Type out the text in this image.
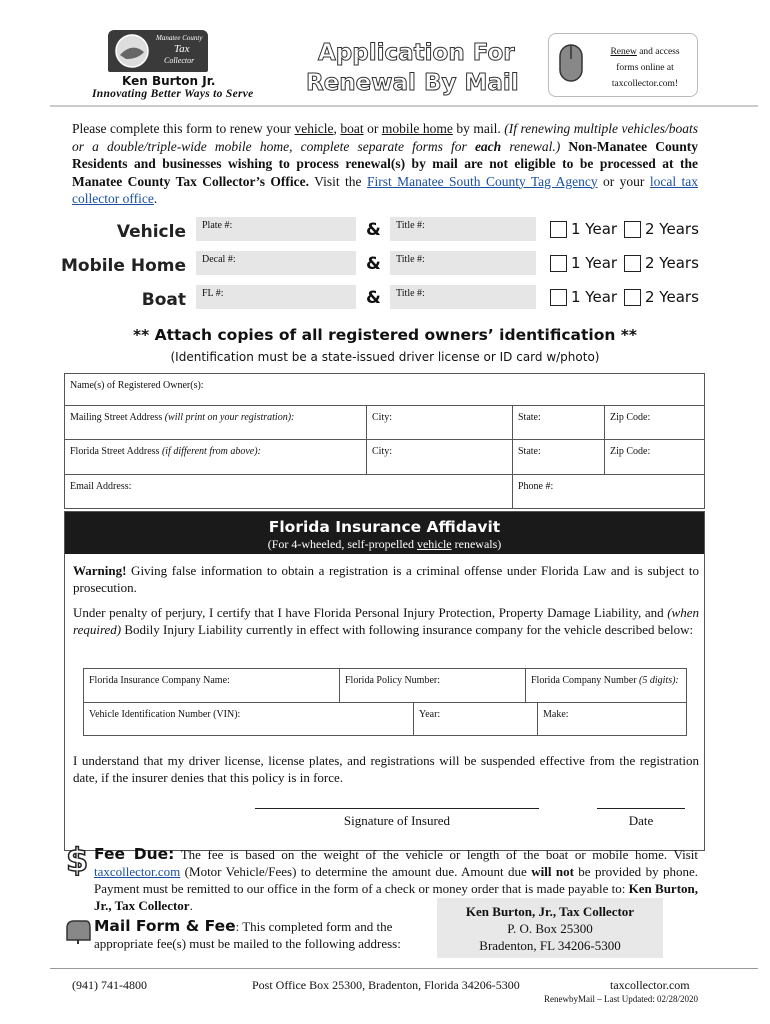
Manatee County
Tax
Collector
Ken Burton Jr.
Innovating Better Ways to Serve
Application For
Renewal By Mail
Renew and access
forms online at
taxcollector.com!

Please complete this form to renew your vehicle, boat or mobile home by mail. (If renewing multiple vehicles/boats or a double/triple-wide mobile home, complete separate forms for each renewal.) Non-Manatee County Residents and businesses wishing to process renewal(s) by mail are not eligible to be processed at the Manatee County Tax Collector’s Office. Visit the First Manatee South County Tag Agency or your local tax collector office.

Vehicle	Plate #:	&	Title #:	1 Year	2 Years
Mobile Home	Decal #:	&	Title #:	1 Year	2 Years
Boat	FL #:	&	Title #:	1 Year	2 Years
** Attach copies of all registered owners’ identification **
(Identification must be a state-issued driver license or ID card w/photo)
Name(s) of Registered Owner(s):
Mailing Street Address (will print on your registration):	City:	State:	Zip Code:
Florida Street Address (if different from above):	City:	State:	Zip Code:
Email Address:	Phone #:
Florida Insurance Affidavit
(For 4-wheeled, self-propelled vehicle renewals)

Warning! Giving false information to obtain a registration is a criminal offense under Florida Law and is subject to prosecution.

Under penalty of perjury, I certify that I have Florida Personal Injury Protection, Property Damage Liability, and (when required) Bodily Injury Liability currently in effect with following insurance company for the vehicle described below:

Florida Insurance Company Name:	Florida Policy Number:	Florida Company Number (5 digits):
Vehicle Identification Number (VIN):	Year:	Make:

I understand that my driver license, license plates, and registrations will be suspended effective from the registration date, if the insurer denies that this policy is in force.

Signature of Insured	Date
$ Fee Due: The fee is based on the weight of the vehicle or length of the boat or mobile home. Visit taxcollector.com (Motor Vehicle/Fees) to determine the amount due. Amount due will not be provided by phone. Payment must be remitted to our office in the form of a check or money order that is made payable to: Ken Burton, Jr., Tax Collector.

Mail Form & Fee: This completed form and the appropriate fee(s) must be mailed to the following address:
Ken Burton, Jr., Tax Collector
P. O. Box 25300
Bradenton, FL 34206-5300
(941) 741-4800	Post Office Box 25300, Bradenton, Florida 34206-5300	taxcollector.com
RenewbyMail – Last Updated: 02/28/2020
